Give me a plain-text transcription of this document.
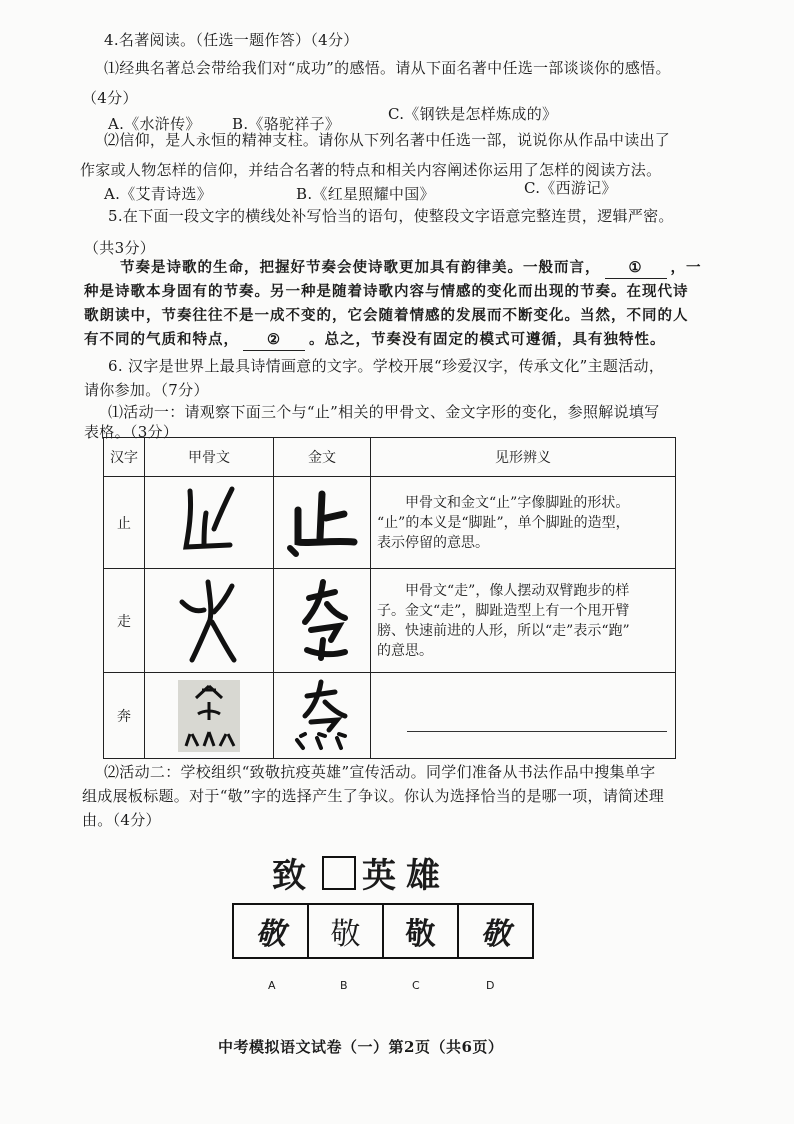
4.名著阅读。（任选一题作答）（4分）
⑴经典名著总会带给我们对“成功”的感悟。请从下面名著中任选一部谈谈你的感悟。
（4分）
A.《水浒传》 B.《骆驼祥子》
C.《钢铁是怎样炼成的》
⑵信仰，是人永恒的精神支柱。请你从下列名著中任选一部，说说你从作品中读出了
作家或人物怎样的信仰，并结合名著的特点和相关内容阐述你运用了怎样的阅读方法。
A.《艾青诗选》	B.《红星照耀中国》	C.《西游记》
5.在下面一段文字的横线处补写恰当的语句，使整段文字语意完整连贯，逻辑严密。
（共3分）
节奏是诗歌的生命，把握好节奏会使诗歌更加具有韵律美。一般而言， ① ，一
种是诗歌本身固有的节奏。另一种是随着诗歌内容与情感的变化而出现的节奏。在现代诗
歌朗读中，节奏往往不是一成不变的，它会随着情感的发展而不断变化。当然，不同的人
有不同的气质和特点， ② 。总之，节奏没有固定的模式可遵循，具有独特性。
6. 汉字是世界上最具诗情画意的文字。学校开展“珍爱汉字，传承文化”主题活动，
请你参加。（7分）
⑴活动一：请观察下面三个与“止”相关的甲骨文、金文字形的变化，参照解说填写
表格。（3分）
汉字	甲骨文	金文	见形辨义
止			甲骨文和金文“止”字像脚趾的形状。
“止”的本义是“脚趾”，单个脚趾的造型，
表示停留的意思。

走			甲骨文“走”，像人摆动双臂跑步的样
子。金文“走”，脚趾造型上有一个甩开臂
膀、快速前进的人形，所以“走”表示“跑”
的意思。

奔	

⑵活动二：学校组织“致敬抗疫英雄”宣传活动。同学们准备从书法作品中搜集单字
组成展板标题。对于“敬”字的选择产生了争议。你认为选择恰当的是哪一项，请简述理
由。（4分）
致 英雄
敬	敬	敬	敬
A	B	C	D
中考模拟语文试卷（一）第2页（共6页）
